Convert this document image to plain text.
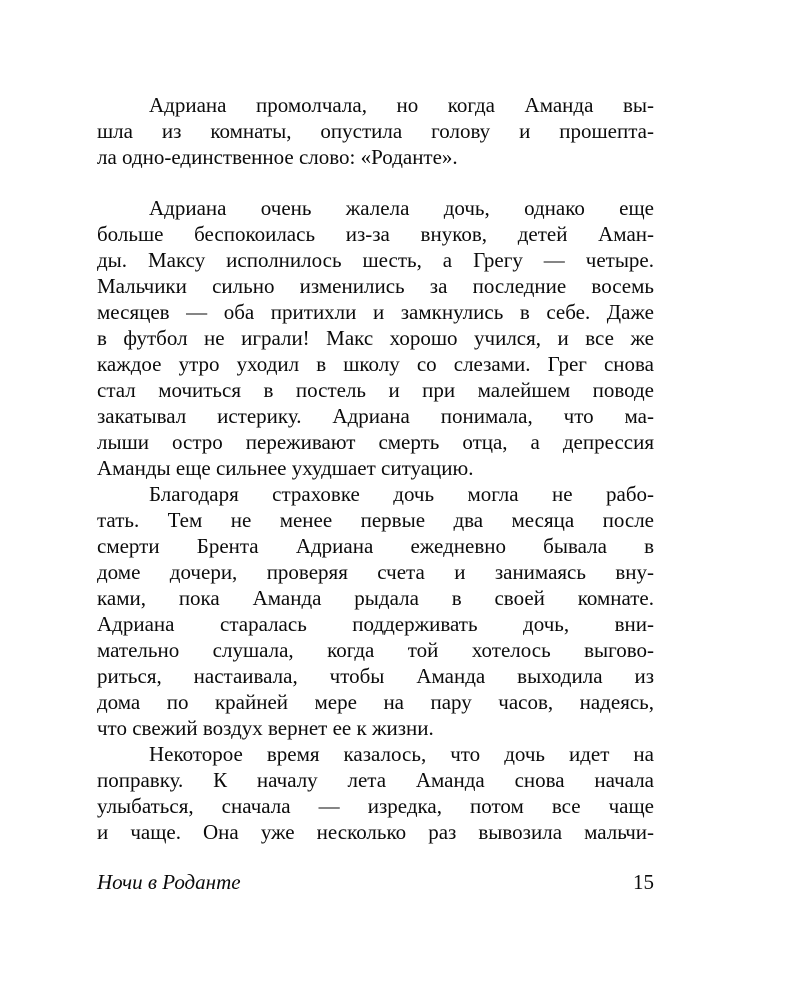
Адриана промолчала, но когда Аманда вы-
шла из комнаты, опустила голову и прошепта-
ла одно-единственное слово: «Роданте».
Адриана очень жалела дочь, однако еще
больше беспокоилась из-за внуков, детей Аман-
ды. Максу исполнилось шесть, а Грегу — четыре.
Мальчики сильно изменились за последние восемь
месяцев — оба притихли и замкнулись в себе. Даже
в футбол не играли! Макс хорошо учился, и все же
каждое утро уходил в школу со слезами. Грег снова
стал мочиться в постель и при малейшем поводе
закатывал истерику. Адриана понимала, что ма-
лыши остро переживают смерть отца, а депрессия
Аманды еще сильнее ухудшает ситуацию.
Благодаря страховке дочь могла не рабо-
тать. Тем не менее первые два месяца после
смерти Брента Адриана ежедневно бывала в
доме дочери, проверяя счета и занимаясь вну-
ками, пока Аманда рыдала в своей комнате.
Адриана старалась поддерживать дочь, вни-
мательно слушала, когда той хотелось выгово-
риться, настаивала, чтобы Аманда выходила из
дома по крайней мере на пару часов, надеясь,
что свежий воздух вернет ее к жизни.
Некоторое время казалось, что дочь идет на
поправку. К началу лета Аманда снова начала
улыбаться, сначала — изредка, потом все чаще
и чаще. Она уже несколько раз вывозила мальчи-
Ночи в Роданте	15
